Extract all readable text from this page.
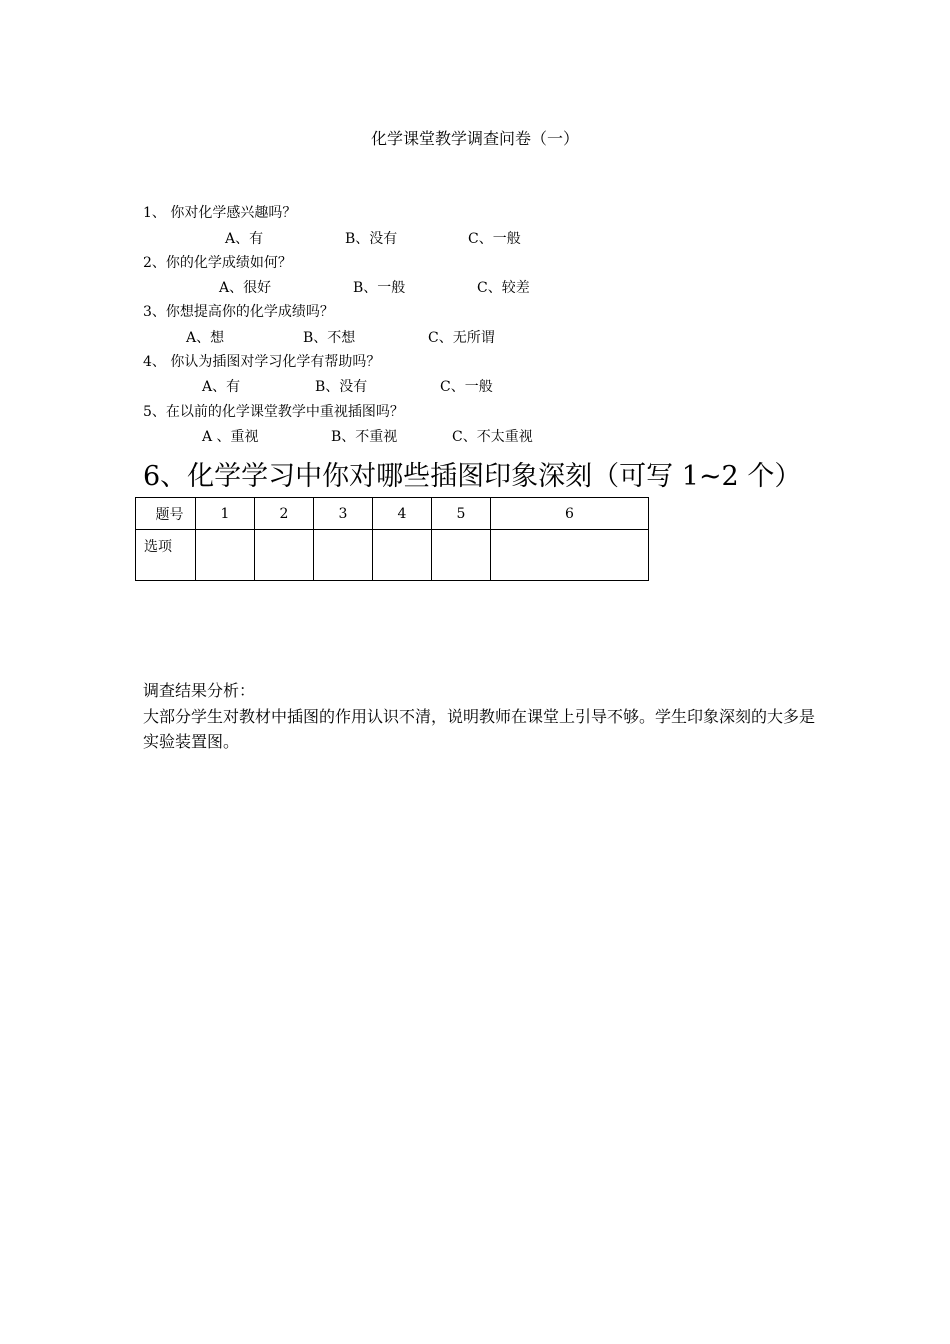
化学课堂教学调查问卷（一）
1、 你对化学感兴趣吗？
A、有	B、没有	C、一般
2、你的化学成绩如何？
A、很好	B、一般	C、较差
3、你想提高你的化学成绩吗？
A、想	B、不想	C、无所谓
4、 你认为插图对学习化学有帮助吗？
A、有	B、没有	C、一般
5、在以前的化学课堂教学中重视插图吗？
A 、重视	B、不重视	C、不太重视
6、化学学习中你对哪些插图印象深刻（可写 1~2 个）
题号	1	2	3	4	5	6
选项						
调查结果分析：
大部分学生对教材中插图的作用认识不清，说明教师在课堂上引导不够。学生印象深刻的大多是实验装置图。
